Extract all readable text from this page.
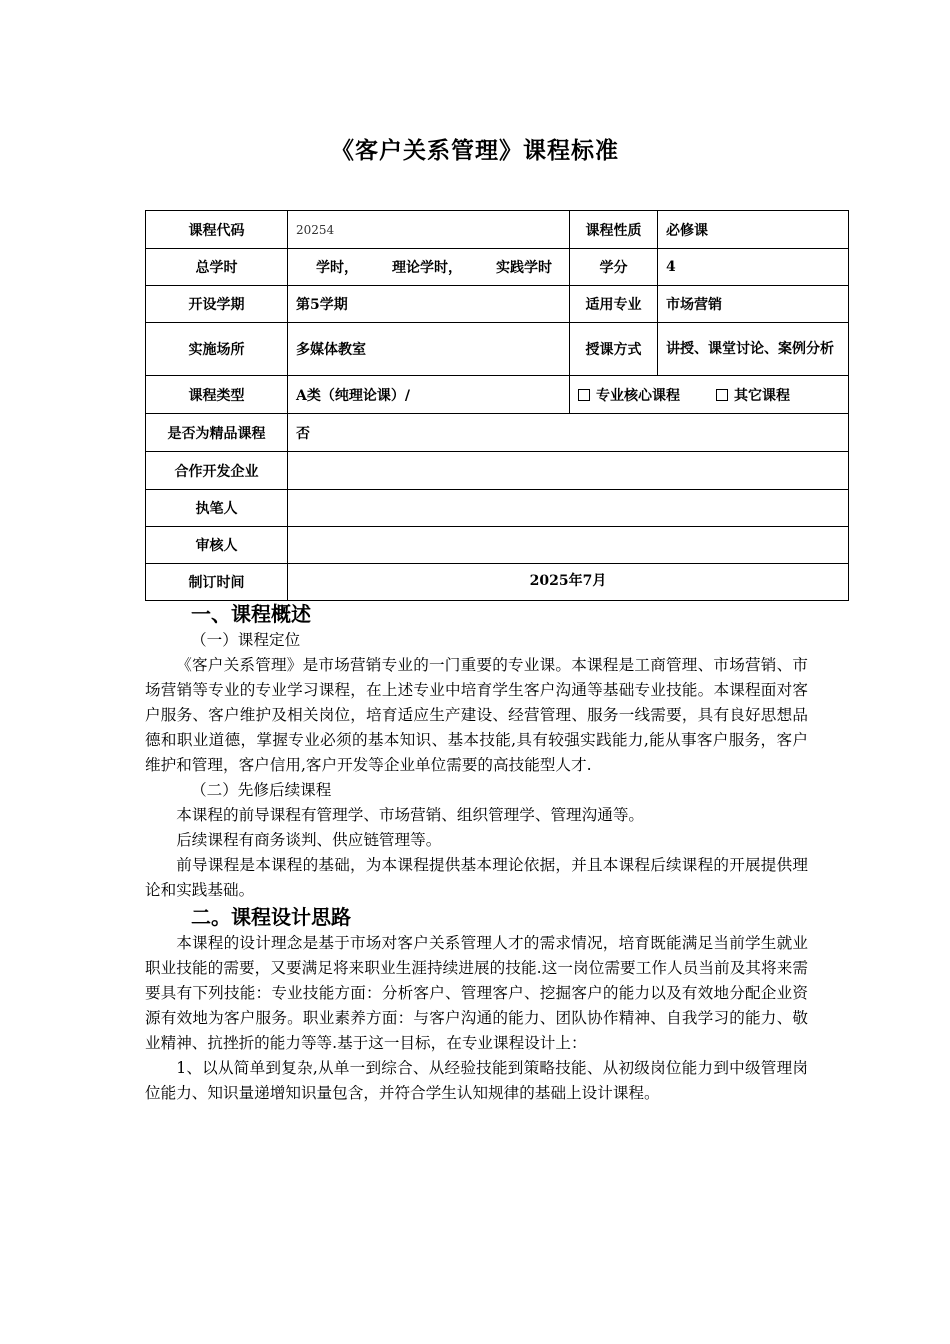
《客户关系管理》课程标准
课程代码	20254	课程性质	必修课
总学时	学时， 理论学时， 实践学时	学分	4
开设学期	第5学期	适用专业	市场营销
实施场所	多媒体教室	授课方式	讲授、课堂讨论、案例分析
课程类型	A类（纯理论课）/	专业核心课程 其它课程	
是否为精品课程	否		
合作开发企业			
执笔人			
审核人			
制订时间	2025年7月		

一、课程概述

（一）课程定位

《客户关系管理》是市场营销专业的一门重要的专业课。本课程是工商管理、市场营销、市场营销等专业的专业学习课程，在上述专业中培育学生客户沟通等基础专业技能。本课程面对客户服务、客户维护及相关岗位，培育适应生产建设、经营管理、服务一线需要，具有良好思想品德和职业道德，掌握专业必须的基本知识、基本技能,具有较强实践能力,能从事客户服务，客户维护和管理，客户信用,客户开发等企业单位需要的高技能型人才.

（二）先修后续课程

本课程的前导课程有管理学、市场营销、组织管理学、管理沟通等。

后续课程有商务谈判、供应链管理等。

前导课程是本课程的基础，为本课程提供基本理论依据，并且本课程后续课程的开展提供理论和实践基础。

二。课程设计思路

本课程的设计理念是基于市场对客户关系管理人才的需求情况，培育既能满足当前学生就业职业技能的需要，又要满足将来职业生涯持续进展的技能.这一岗位需要工作人员当前及其将来需要具有下列技能：专业技能方面：分析客户、管理客户、挖掘客户的能力以及有效地分配企业资源有效地为客户服务。职业素养方面：与客户沟通的能力、团队协作精神、自我学习的能力、敬业精神、抗挫折的能力等等.基于这一目标，在专业课程设计上：

1、以从简单到复杂,从单一到综合、从经验技能到策略技能、从初级岗位能力到中级管理岗位能力、知识量递增知识量包含，并符合学生认知规律的基础上设计课程。
